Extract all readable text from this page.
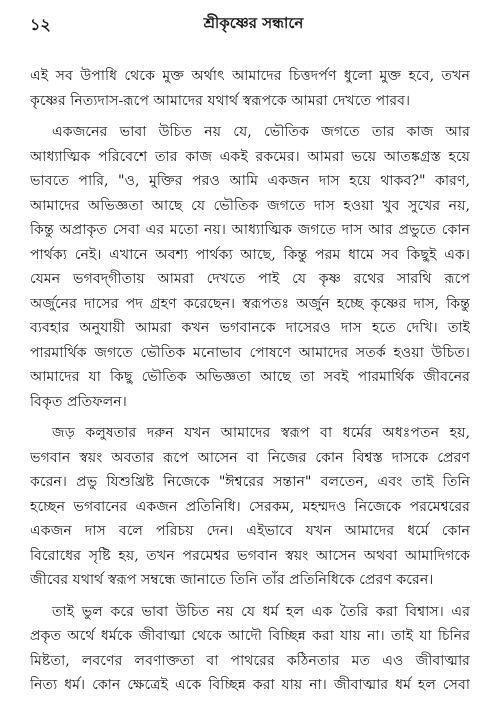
১২	শ্রীকৃষ্ণের সন্ধানে
এই সব উপাধি থেকে মুক্ত অর্থাৎ আমাদের চিত্তদর্পণ ধুলো মুক্ত হবে, তখন
কৃষ্ণের নিত্যদাস-রূপে আমাদের যথার্থ স্বরূপকে আমরা দেখতে পারব।
একজনের ভাবা উচিত নয় যে, ভৌতিক জগতে তার কাজ আর
আধ্যাত্মিক পরিবেশে তার কাজ একই রকমের। আমরা ভয়ে আতঙ্কগ্রস্ত হয়ে
ভাবতে পারি, "ও, মুক্তির পরও আমি একজন দাস হয়ে থাকব?" কারণ,
আমাদের অভিজ্ঞতা আছে যে ভৌতিক জগতে দাস হওয়া খুব সুখের নয়,
কিন্তু অপ্রাকৃত সেবা এর মতো নয়। আধ্যাত্মিক জগতে দাস আর প্রভুতে কোন
পার্থক্য নেই। এখানে অবশ্য পার্থক্য আছে, কিন্তু পরম ধামে সব কিছুই এক।
যেমন ভগবদ্‌গীতায় আমরা দেখতে পাই যে কৃষ্ণ রথের সারথি রূপে
অর্জুনের দাসের পদ গ্রহণ করেছেন। স্বরূপতঃ অর্জুন হচ্ছে কৃষ্ণের দাস, কিন্তু
ব্যবহার অনুযায়ী আমরা কখন ভগবানকে দাসেরও দাস হতে দেখি। তাই
পারমার্থিক জগতে ভৌতিক মনোভাব পোষণে আমাদের সতর্ক হওয়া উচিত।
আমাদের যা কিছু ভৌতিক অভিজ্ঞতা আছে তা সবই পারমার্থিক জীবনের
বিকৃত প্রতিফলন।
জড় কলুষতার দরুন যখন আমাদের স্বরূপ বা ধর্মের অধঃপতন হয়,
ভগবান স্বয়ং অবতার রূপে আসেন বা নিজের কোন বিশ্বস্ত দাসকে প্রেরণ
করেন। প্রভু যিশুখ্রিষ্ট নিজেকে "ঈশ্বরের সন্তান" বলতেন, এবং তাই তিনি
হচ্ছেন ভগবানের একজন প্রতিনিধি। সেরকম, মহম্মদও নিজেকে পরমেশ্বরের
একজন দাস বলে পরিচয় দেন। এইভাবে যখন আমাদের ধর্মে কোন
বিরোধের সৃষ্টি হয়, তখন পরমেশ্বর ভগবান স্বয়ং আসেন অথবা আমাদিগকে
জীবের যথার্থ স্বরূপ সম্বন্ধে জানাতে তিনি তাঁর প্রতিনিধিকে প্রেরণ করেন।
তাই ভুল করে ভাবা উচিত নয় যে ধর্ম হল এক তৈরি করা বিশ্বাস। এর
প্রকৃত অর্থে ধর্মকে জীবাত্মা থেকে আদৌ বিচ্ছিন্ন করা যায় না। তাই যা চিনির
মিষ্টতা, লবণের লবণাক্ততা বা পাথরের কঠিনতার মত এও জীবাত্মার
নিত্য ধর্ম। কোন ক্ষেত্রেই একে বিচ্ছিন্ন করা যায় না। জীবাত্মার ধর্ম হল সেবা
